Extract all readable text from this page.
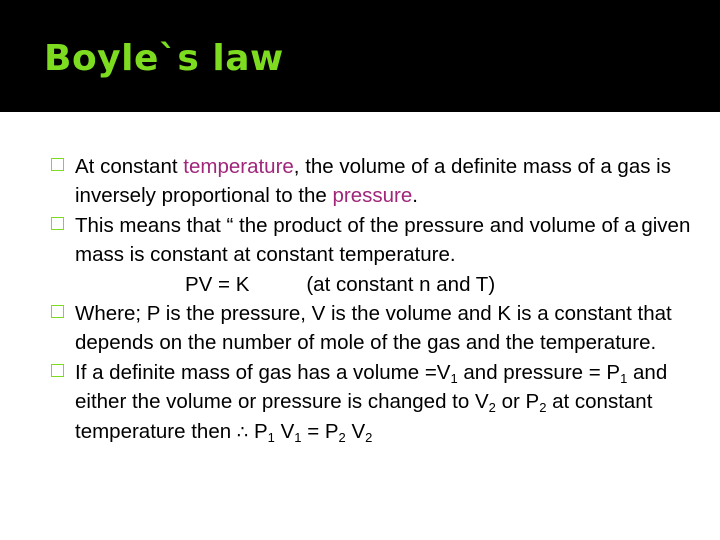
Boyle`s law

At constant temperature, the volume of a definite mass of a gas is inversely proportional to the pressure.

This means that “ the product of the pressure and volume of a given mass is constant at constant temperature.

PV = K	(at constant n and T)

Where; P is the pressure, V is the volume and K is a constant that depends on the number of mole of the gas and the temperature.

If a definite mass of gas has a volume $=V_1$ and pressure = $P_1$ and either the volume or pressure is changed to $V_2$ or $P_2$ at constant temperature then ∴ $P_1$ $V_1 = P_2$ $V_2$
